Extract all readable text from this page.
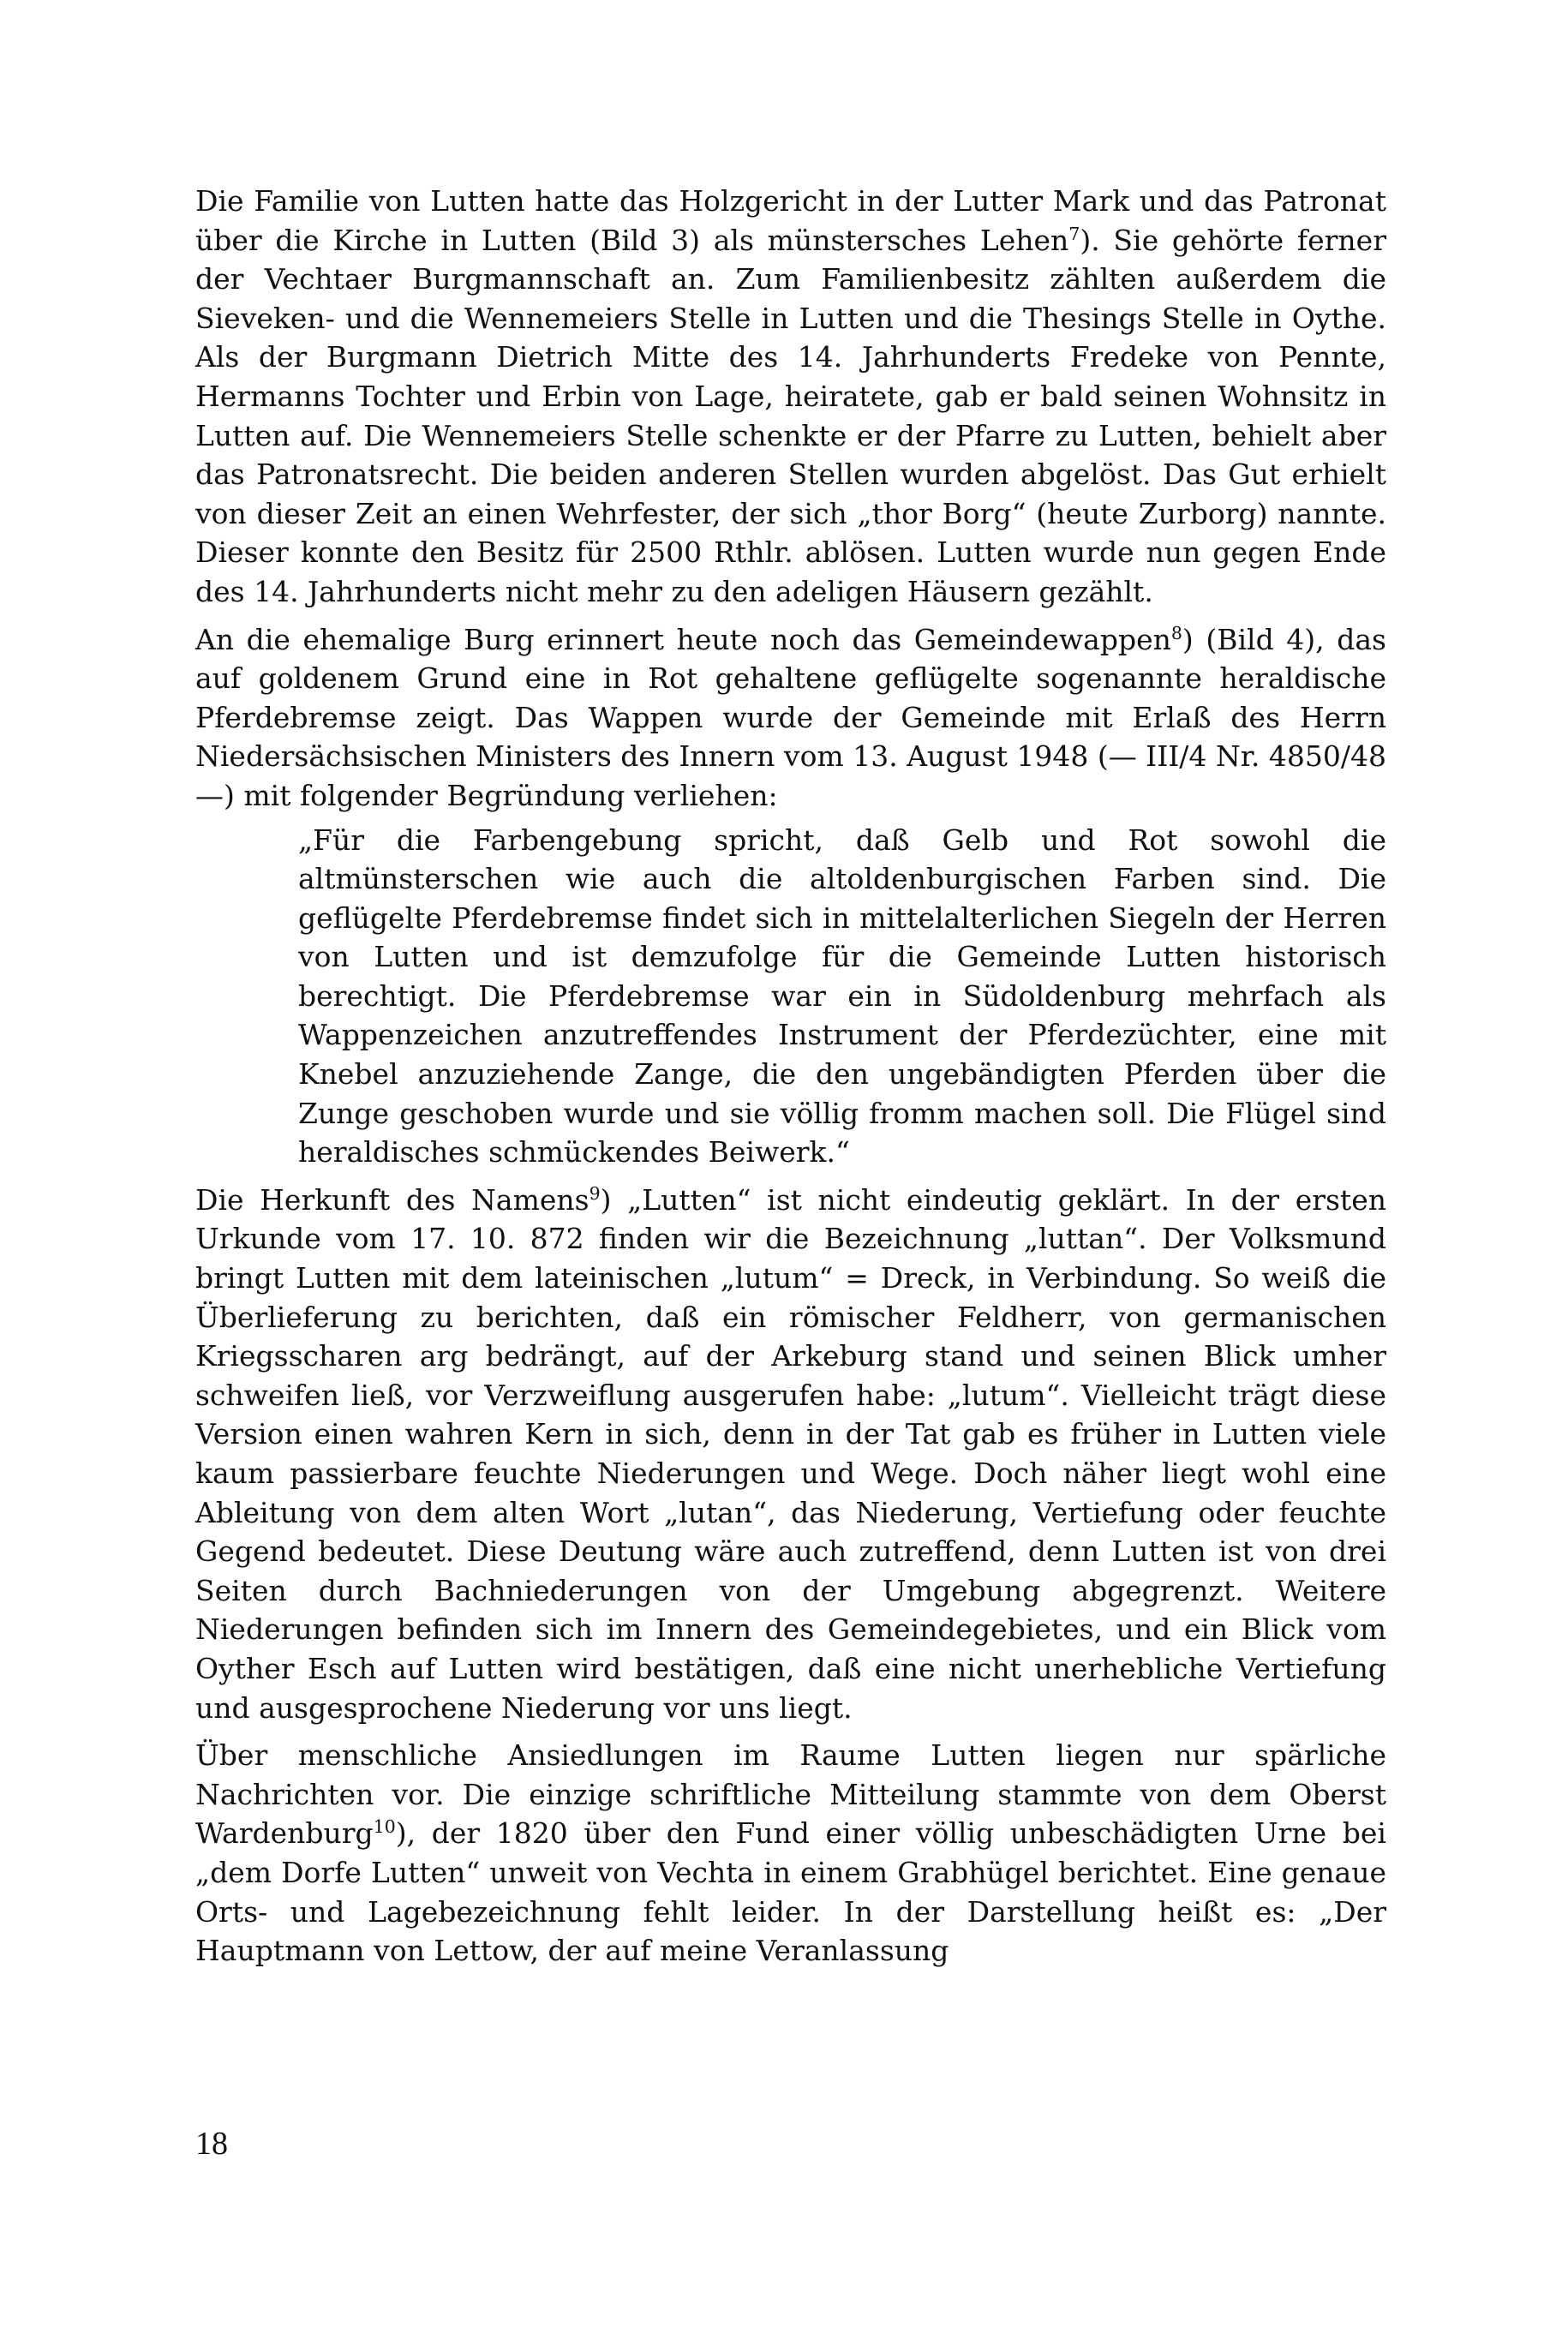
Die Familie von Lutten hatte das Holzgericht in der Lutter Mark und das Patronat über die Kirche in Lutten (Bild 3) als münstersches Lehen$^7$). Sie gehörte ferner der Vechtaer Burgmannschaft an. Zum Familienbesitz zählten außerdem die Sieveken- und die Wennemeiers Stelle in Lutten und die Thesings Stelle in Oythe. Als der Burgmann Dietrich Mitte des 14. Jahrhunderts Fredeke von Pennte, Hermanns Tochter und Erbin von Lage, heiratete, gab er bald seinen Wohnsitz in Lutten auf. Die Wennemeiers Stelle schenkte er der Pfarre zu Lutten, behielt aber das Patronatsrecht. Die beiden anderen Stellen wurden abgelöst. Das Gut erhielt von dieser Zeit an einen Wehrfester, der sich „thor Borg“ (heute Zurborg) nannte. Dieser konnte den Besitz für 2500 Rthlr. ablösen. Lutten wurde nun gegen Ende des 14. Jahrhunderts nicht mehr zu den adeligen Häusern gezählt.

An die ehemalige Burg erinnert heute noch das Gemeindewappen$^8$) (Bild 4), das auf goldenem Grund eine in Rot gehaltene geflügelte sogenannte heraldische Pferdebremse zeigt. Das Wappen wurde der Gemeinde mit Erlaß des Herrn Niedersächsischen Ministers des Innern vom 13. August 1948 (— III/4 Nr. 4850/48 —) mit folgender Begründung verliehen:

„Für die Farbengebung spricht, daß Gelb und Rot sowohl die altmünsterschen wie auch die altoldenburgischen Farben sind. Die geflügelte Pferdebremse findet sich in mittelalterlichen Siegeln der Herren von Lutten und ist demzufolge für die Gemeinde Lutten historisch berechtigt. Die Pferdebremse war ein in Südoldenburg mehrfach als Wappenzeichen anzutreffendes Instrument der Pferdezüchter, eine mit Knebel anzuziehende Zange, die den ungebändigten Pferden über die Zunge geschoben wurde und sie völlig fromm machen soll. Die Flügel sind heraldisches schmückendes Beiwerk.“

Die Herkunft des Namens$^9$) „Lutten“ ist nicht eindeutig geklärt. In der ersten Urkunde vom 17. 10. 872 finden wir die Bezeichnung „luttan“. Der Volksmund bringt Lutten mit dem lateinischen „lutum“ = Dreck, in Verbindung. So weiß die Überlieferung zu berichten, daß ein römischer Feldherr, von germanischen Kriegsscharen arg bedrängt, auf der Arkeburg stand und seinen Blick umher schweifen ließ, vor Verzweiflung ausgerufen habe: „lutum“. Vielleicht trägt diese Version einen wahren Kern in sich, denn in der Tat gab es früher in Lutten viele kaum passierbare feuchte Niederungen und Wege. Doch näher liegt wohl eine Ableitung von dem alten Wort „lutan“, das Niederung, Vertiefung oder feuchte Gegend bedeutet. Diese Deutung wäre auch zutreffend, denn Lutten ist von drei Seiten durch Bachniederungen von der Umgebung abgegrenzt. Weitere Niederungen befinden sich im Innern des Gemeindegebietes, und ein Blick vom Oyther Esch auf Lutten wird bestätigen, daß eine nicht unerhebliche Vertiefung und ausgesprochene Niederung vor uns liegt.

Über menschliche Ansiedlungen im Raume Lutten liegen nur spärliche Nachrichten vor. Die einzige schriftliche Mitteilung stammte von dem Oberst Wardenburg$^{10}$), der 1820 über den Fund einer völlig unbeschädigten Urne bei „dem Dorfe Lutten“ unweit von Vechta in einem Grabhügel berichtet. Eine genaue Orts- und Lagebezeichnung fehlt leider. In der Darstellung heißt es: „Der Hauptmann von Lettow, der auf meine Veranlassung

18
